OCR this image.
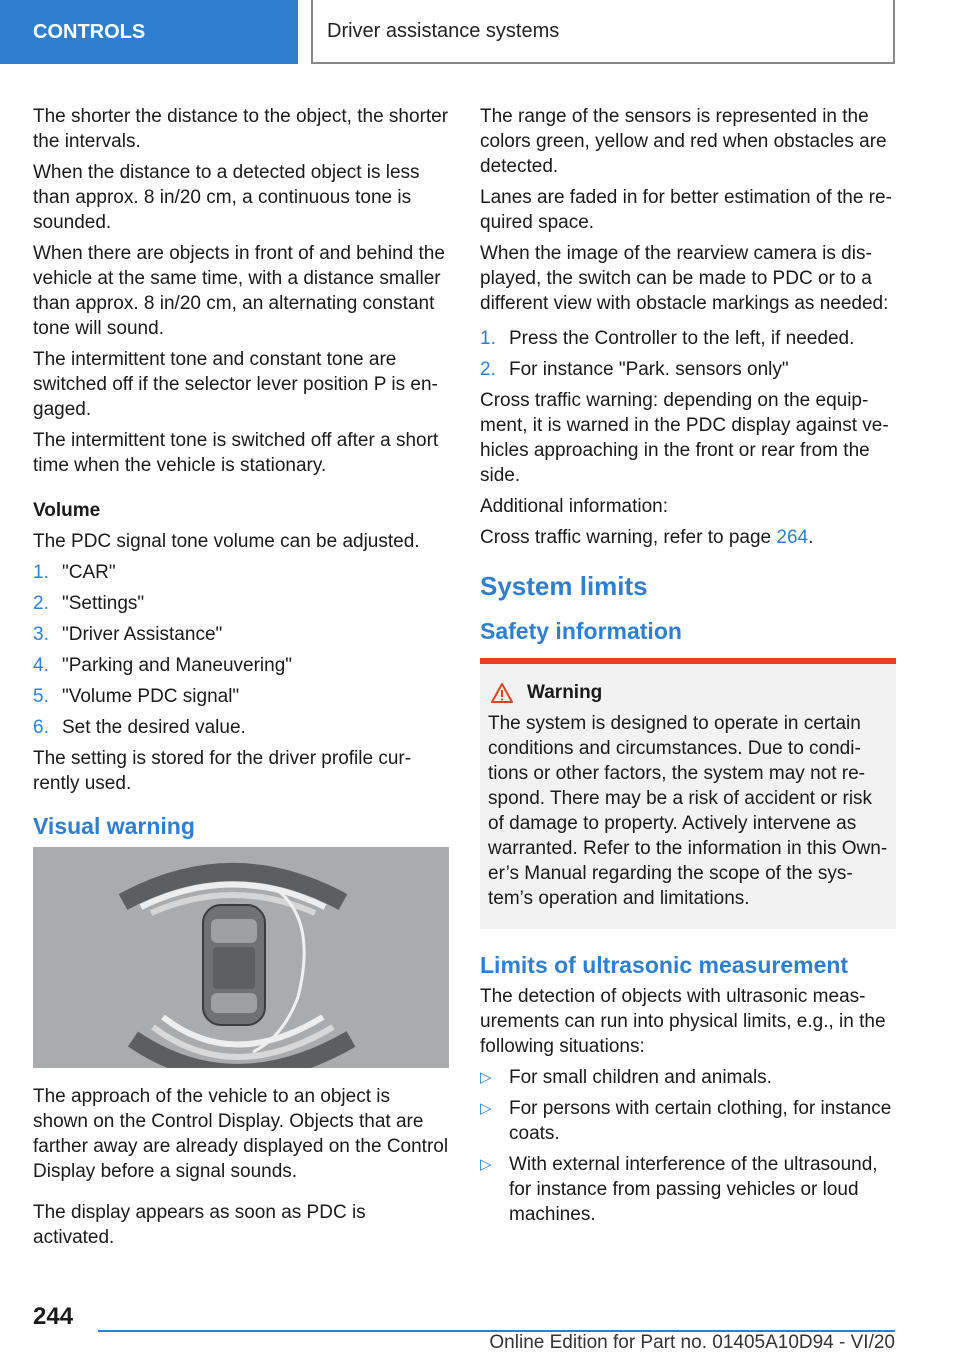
CONTROLS	Driver assistance systems

The shorter the distance to the object, the shorter the intervals.

When the distance to a detected object is less than approx. 8 in/20 cm, a continuous tone is sounded.

When there are objects in front of and behind the vehicle at the same time, with a distance smaller than approx. 8 in/20 cm, an alternating constant tone will sound.

The intermittent tone and constant tone are switched off if the selector lever position P is en‐ gaged.

The intermittent tone is switched off after a short time when the vehicle is stationary.

Volume

The PDC signal tone volume can be adjusted.

1. "CAR"
2. "Settings"
3. "Driver Assistance"
4. "Parking and Maneuvering"
5. "Volume PDC signal"
6. Set the desired value.

The setting is stored for the driver profile cur‐ rently used.

Visual warning

The approach of the vehicle to an object is shown on the Control Display. Objects that are farther away are already displayed on the Control Display before a signal sounds.

The display appears as soon as PDC is activated.

The range of the sensors is represented in the colors green, yellow and red when obstacles are detected.

Lanes are faded in for better estimation of the re‐ quired space.

When the image of the rearview camera is dis‐ played, the switch can be made to PDC or to a different view with obstacle markings as needed:

1. Press the Controller to the left, if needed.
2. For instance "Park. sensors only"

Cross traffic warning: depending on the equip‐ ment, it is warned in the PDC display against ve‐ hicles approaching in the front or rear from the side.

Additional information:

Cross traffic warning, refer to page 264.

System limits
Safety information
Warning
The system is designed to operate in certain conditions and circumstances. Due to condi‐ tions or other factors, the system may not re‐ spond. There may be a risk of accident or risk of damage to property. Actively intervene as warranted. Refer to the information in this Own‐ er’s Manual regarding the scope of the sys‐ tem’s operation and limitations.
Limits of ultrasonic measurement

The detection of objects with ultrasonic meas‐ urements can run into physical limits, e.g., in the following situations:

▷ For small children and animals.
▷ For persons with certain clothing, for instance coats.
▷ With external interference of the ultrasound, for instance from passing vehicles or loud machines.
244
Online Edition for Part no. 01405A10D94 - VI/20
